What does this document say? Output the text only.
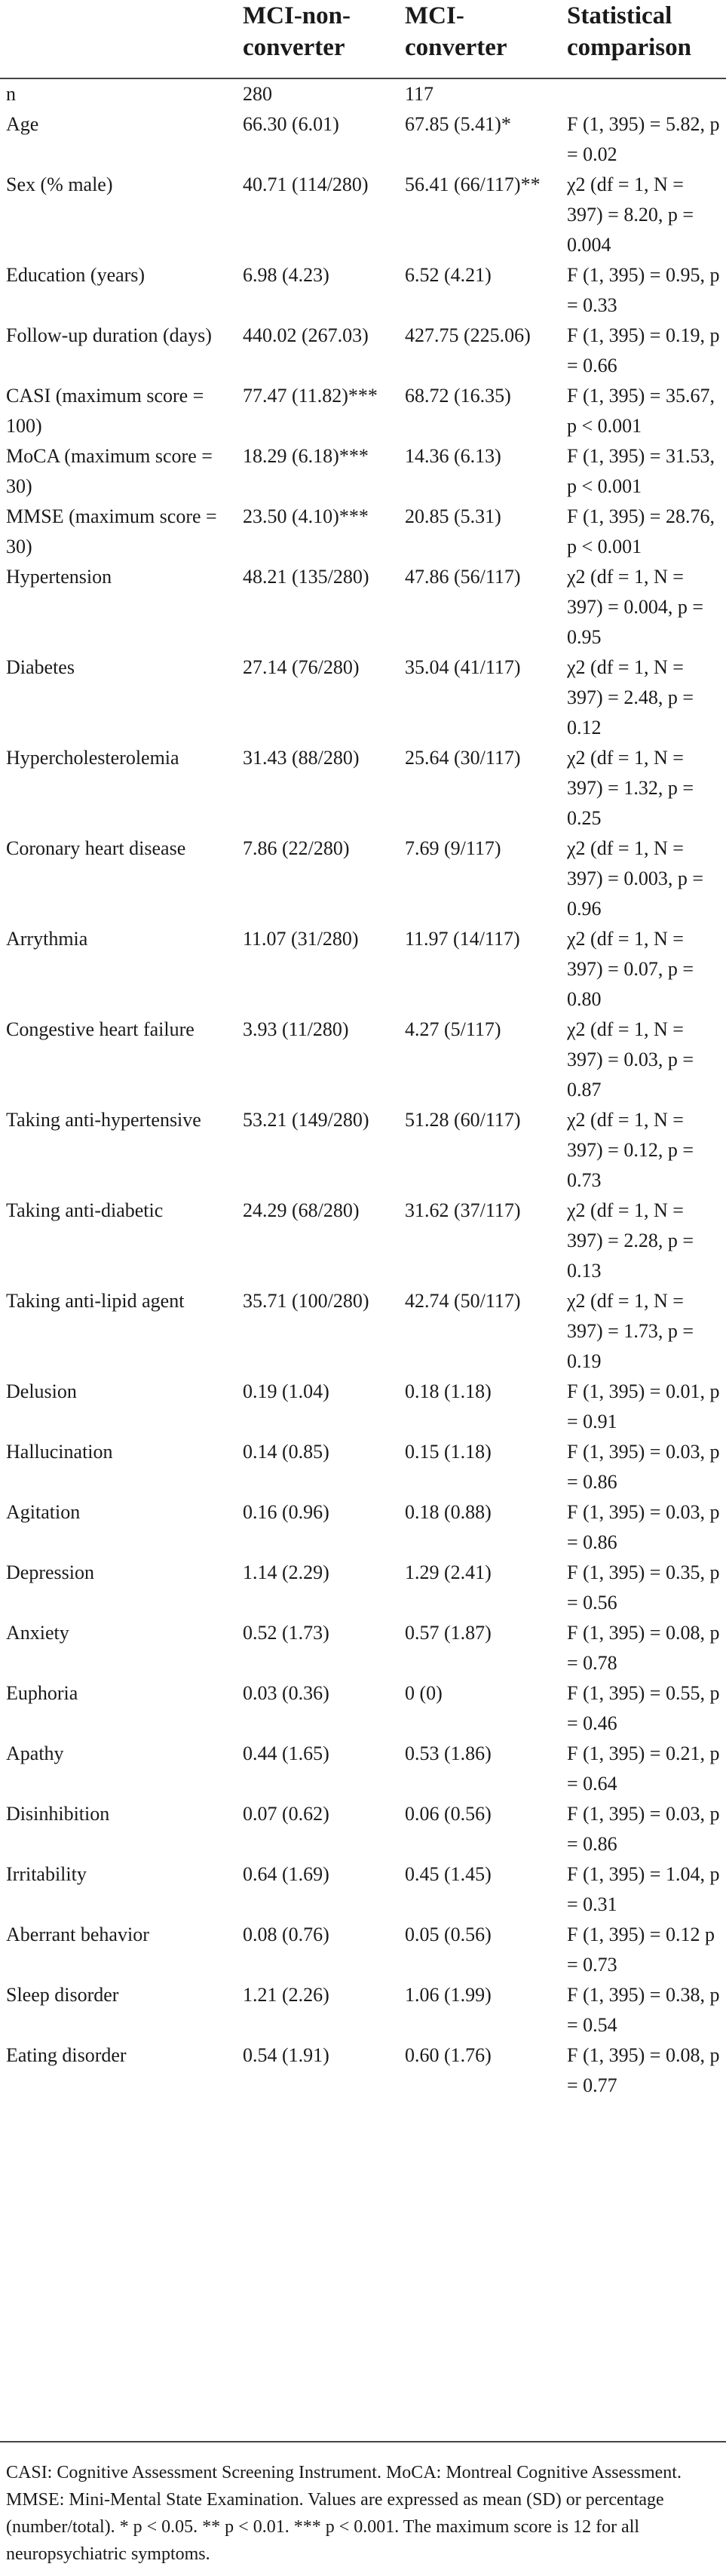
	MCI-non-converter	MCI-converter	Statistical comparison

n	280	117	
Age	66.30 (6.01)	67.85 (5.41)*	F (1, 395) = 5.82, p = 0.02
Sex (% male)	40.71 (114/280)	56.41 (66/117)**	χ2 (df = 1, N = 397) = 8.20, p = 0.004
Education (years)	6.98 (4.23)	6.52 (4.21)	F (1, 395) = 0.95, p = 0.33
Follow-up duration (days)	440.02 (267.03)	427.75 (225.06)	F (1, 395) = 0.19, p = 0.66
CASI (maximum score = 100)	77.47 (11.82)***	68.72 (16.35)	F (1, 395) = 35.67, p < 0.001
MoCA (maximum score = 30)	18.29 (6.18)***	14.36 (6.13)	F (1, 395) = 31.53, p < 0.001
MMSE (maximum score = 30)	23.50 (4.10)***	20.85 (5.31)	F (1, 395) = 28.76, p < 0.001
Hypertension	48.21 (135/280)	47.86 (56/117)	χ2 (df = 1, N = 397) = 0.004, p = 0.95
Diabetes	27.14 (76/280)	35.04 (41/117)	χ2 (df = 1, N = 397) = 2.48, p = 0.12
Hypercholesterolemia	31.43 (88/280)	25.64 (30/117)	χ2 (df = 1, N = 397) = 1.32, p = 0.25
Coronary heart disease	7.86 (22/280)	7.69 (9/117)	χ2 (df = 1, N = 397) = 0.003, p = 0.96
Arrythmia	11.07 (31/280)	11.97 (14/117)	χ2 (df = 1, N = 397) = 0.07, p = 0.80
Congestive heart failure	3.93 (11/280)	4.27 (5/117)	χ2 (df = 1, N = 397) = 0.03, p = 0.87
Taking anti-hypertensive	53.21 (149/280)	51.28 (60/117)	χ2 (df = 1, N = 397) = 0.12, p = 0.73
Taking anti-diabetic	24.29 (68/280)	31.62 (37/117)	χ2 (df = 1, N = 397) = 2.28, p = 0.13
Taking anti-lipid agent	35.71 (100/280)	42.74 (50/117)	χ2 (df = 1, N = 397) = 1.73, p = 0.19
Delusion	0.19 (1.04)	0.18 (1.18)	F (1, 395) = 0.01, p = 0.91
Hallucination	0.14 (0.85)	0.15 (1.18)	F (1, 395) = 0.03, p = 0.86
Agitation	0.16 (0.96)	0.18 (0.88)	F (1, 395) = 0.03, p = 0.86
Depression	1.14 (2.29)	1.29 (2.41)	F (1, 395) = 0.35, p = 0.56
Anxiety	0.52 (1.73)	0.57 (1.87)	F (1, 395) = 0.08, p = 0.78
Euphoria	0.03 (0.36)	0 (0)	F (1, 395) = 0.55, p = 0.46
Apathy	0.44 (1.65)	0.53 (1.86)	F (1, 395) = 0.21, p = 0.64
Disinhibition	0.07 (0.62)	0.06 (0.56)	F (1, 395) = 0.03, p = 0.86
Irritability	0.64 (1.69)	0.45 (1.45)	F (1, 395) = 1.04, p = 0.31
Aberrant behavior	0.08 (0.76)	0.05 (0.56)	F (1, 395) = 0.12 p = 0.73
Sleep disorder	1.21 (2.26)	1.06 (1.99)	F (1, 395) = 0.38, p = 0.54
Eating disorder	0.54 (1.91)	0.60 (1.76)	F (1, 395) = 0.08, p = 0.77
CASI: Cognitive Assessment Screening Instrument. MoCA: Montreal Cognitive Assessment. MMSE: Mini-Mental State Examination. Values are expressed as mean (SD) or percentage (number/total). * p < 0.05. ** p < 0.01. *** p < 0.001. The maximum score is 12 for all neuropsychiatric symptoms.
